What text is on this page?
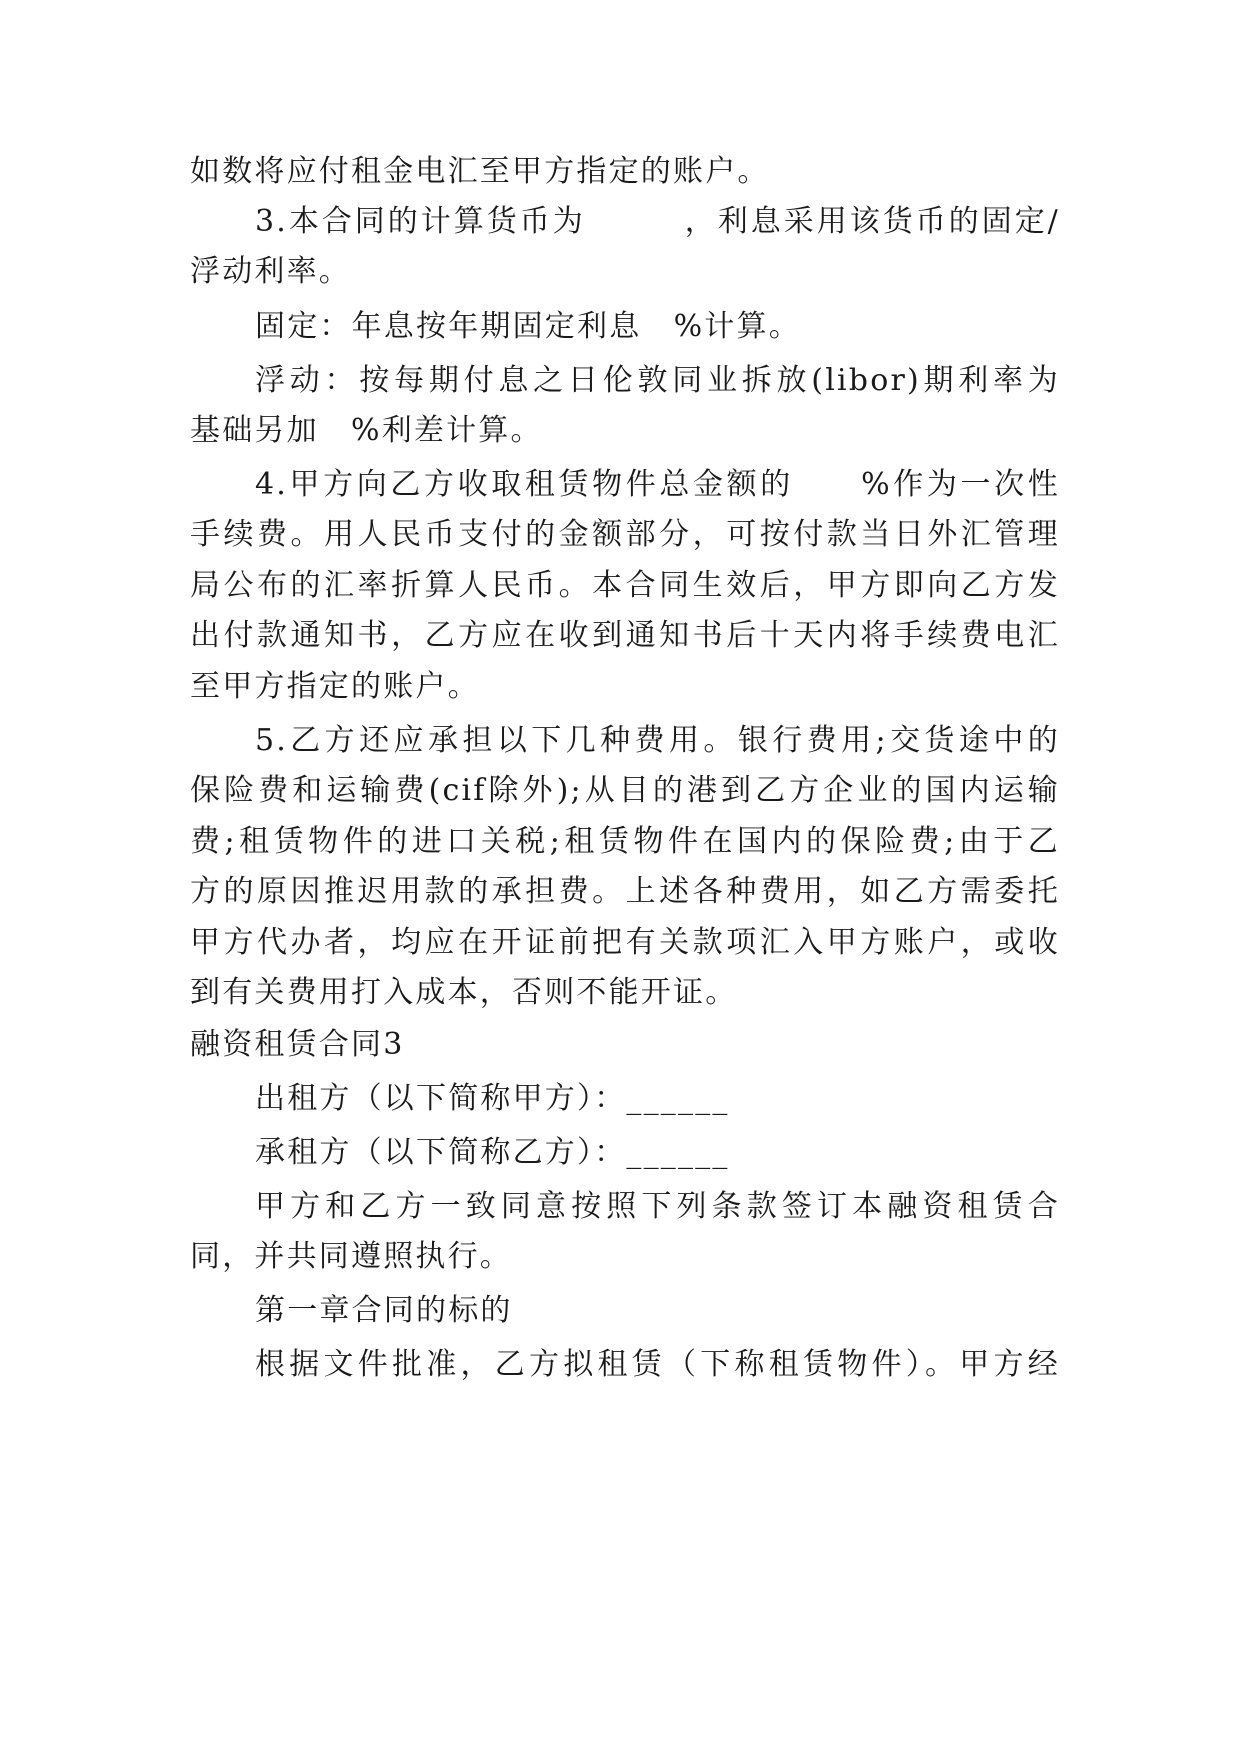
如数将应付租金电汇至甲方指定的账户。
3.本合同的计算货币为　　　，利息采用该货币的固定/
浮动利率。
固定：年息按年期固定利息　%计算。
浮动：按每期付息之日伦敦同业拆放(libor)期利率为
基础另加　%利差计算。
4.甲方向乙方收取租赁物件总金额的　　%作为一次性
手续费。用人民币支付的金额部分，可按付款当日外汇管理
局公布的汇率折算人民币。本合同生效后，甲方即向乙方发
出付款通知书，乙方应在收到通知书后十天内将手续费电汇
至甲方指定的账户。
5.乙方还应承担以下几种费用。银行费用;交货途中的
保险费和运输费(cif除外);从目的港到乙方企业的国内运输
费;租赁物件的进口关税;租赁物件在国内的保险费;由于乙
方的原因推迟用款的承担费。上述各种费用，如乙方需委托
甲方代办者，均应在开证前把有关款项汇入甲方账户，或收
到有关费用打入成本，否则不能开证。
融资租赁合同3
出租方（以下简称甲方）：______
承租方（以下简称乙方）：______
甲方和乙方一致同意按照下列条款签订本融资租赁合
同，并共同遵照执行。
第一章合同的标的
根据文件批准，乙方拟租赁（下称租赁物件）。甲方经
